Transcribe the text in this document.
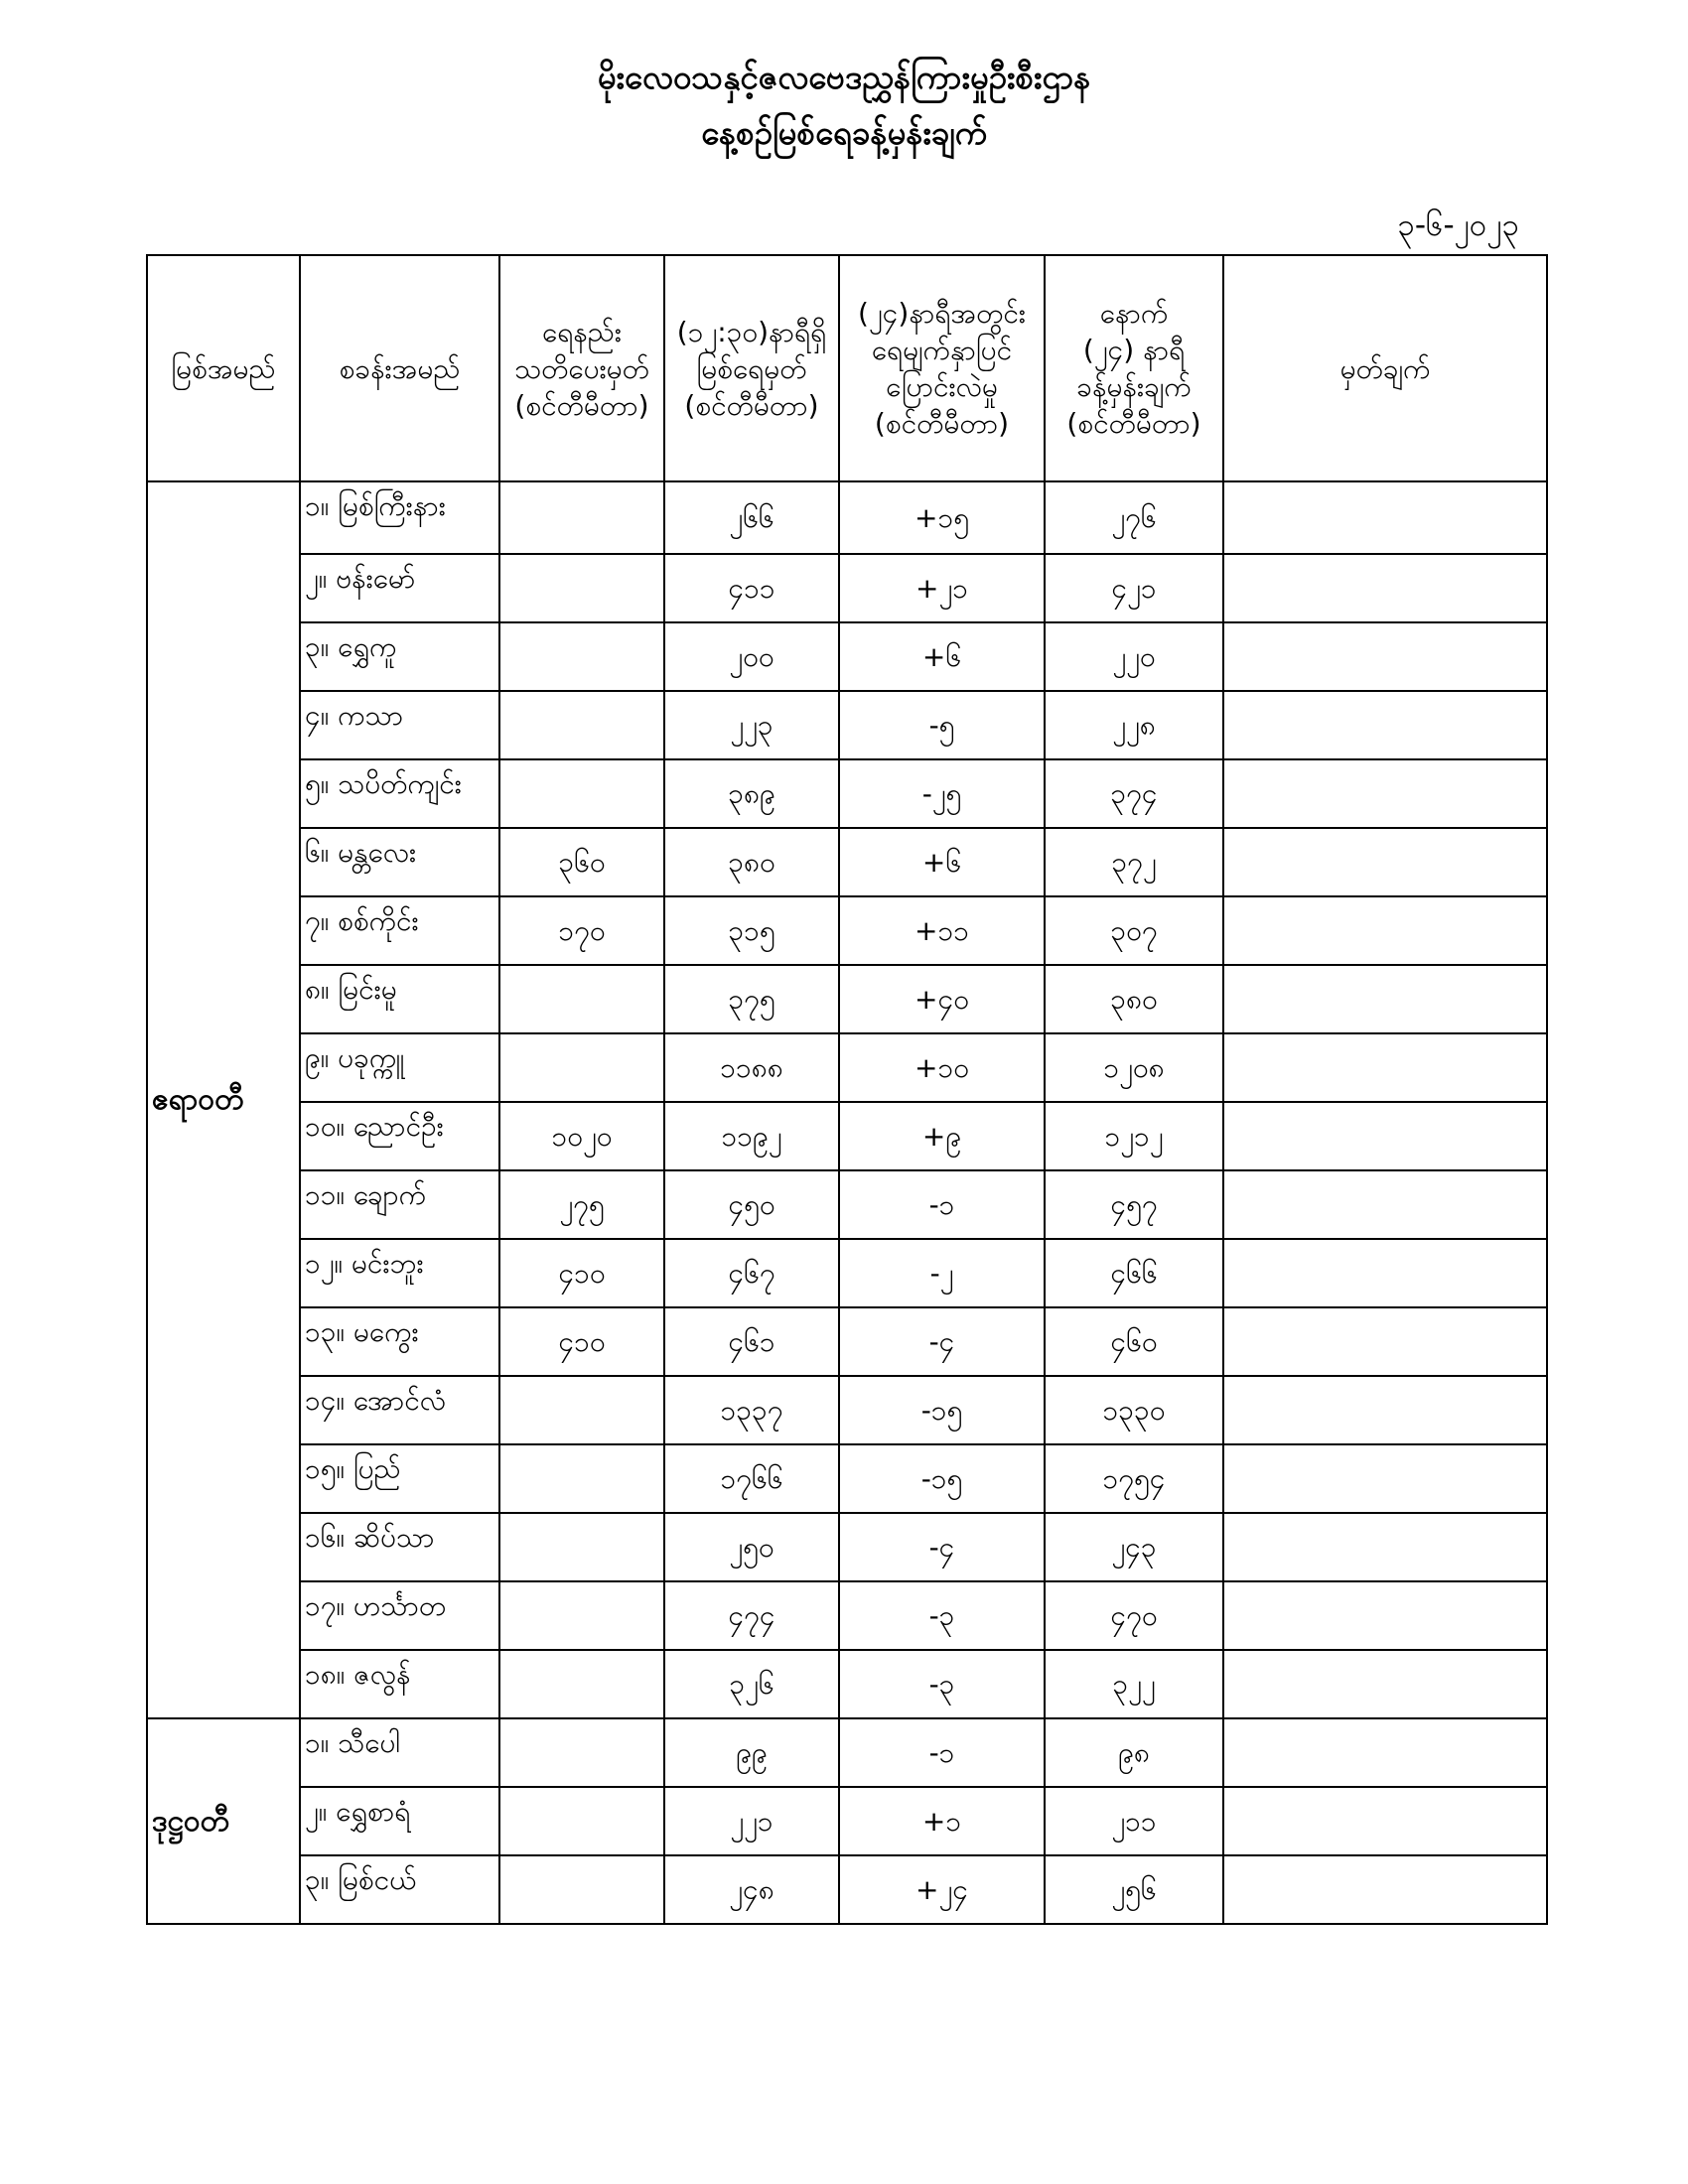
မိုးလေဝသနှင့်ဇလဗေဒညွှန်ကြားမှုဦးစီးဌာန
နေ့စဉ်မြစ်ရေခန့်မှန်းချက်
၃-၆-၂၀၂၃
မြစ်အမည်	စခန်းအမည်	ရေနည်း
သတိပေးမှတ်
(စင်တီမီတာ)	(၁၂:၃၀)နာရီရှိ
မြစ်ရေမှတ်
(စင်တီမီတာ)	(၂၄)နာရီအတွင်း
ရေမျက်နှာပြင်
ပြောင်းလဲမှု
(စင်တီမီတာ)	နောက်
(၂၄) နာရီ
ခန့်မှန်းချက်
(စင်တီမီတာ)	မှတ်ချက်
ဧရာဝတီ	၁။ မြစ်ကြီးနား		၂၆၆	+၁၅	၂၇၆	
	၂။ ဗန်းမော်		၄၁၁	+၂၁	၄၂၁	
	၃။ ရွှေကူ		၂၀၀	+၆	၂၂၀	
	၄။ ကသာ		၂၂၃	-၅	၂၂၈	
	၅။ သပိတ်ကျင်း		၃၈၉	-၂၅	၃၇၄	
	၆။ မန္တလေး	၃၆၀	၃၈၀	+၆	၃၇၂	
	၇။ စစ်ကိုင်း	၁၇၀	၃၁၅	+၁၁	၃၀၇	
	၈။ မြင်းမူ		၃၇၅	+၄၀	၃၈၀	
	၉။ ပခုက္ကူ		၁၁၈၈	+၁၀	၁၂၀၈	
	၁၀။ ညောင်ဦး	၁၀၂၀	၁၁၉၂	+၉	၁၂၁၂	
	၁၁။ ချောက်	၂၇၅	၄၅၀	-၁	၄၅၇	
	၁၂။ မင်းဘူး	၄၁၀	၄၆၇	-၂	၄၆၆	
	၁၃။ မကွေး	၄၁၀	၄၆၁	-၄	၄၆၀	
	၁၄။ အောင်လံ		၁၃၃၇	-၁၅	၁၃၃၀	
	၁၅။ ပြည်		၁၇၆၆	-၁၅	၁၇၅၄	
	၁၆။ ဆိပ်သာ		၂၅၀	-၄	၂၄၃	
	၁၇။ ဟင်္သာတ		၄၇၄	-၃	၄၇၀	
	၁၈။ ဇလွန်		၃၂၆	-၃	၃၂၂	
ဒုဋ္ဌဝတီ	၁။ သီပေါ		၉၉	-၁	၉၈	
	၂။ ရွှေစာရံ		၂၂၁	+၁	၂၁၁	
	၃။ မြစ်ငယ်		၂၄၈	+၂၄	၂၅၆	
